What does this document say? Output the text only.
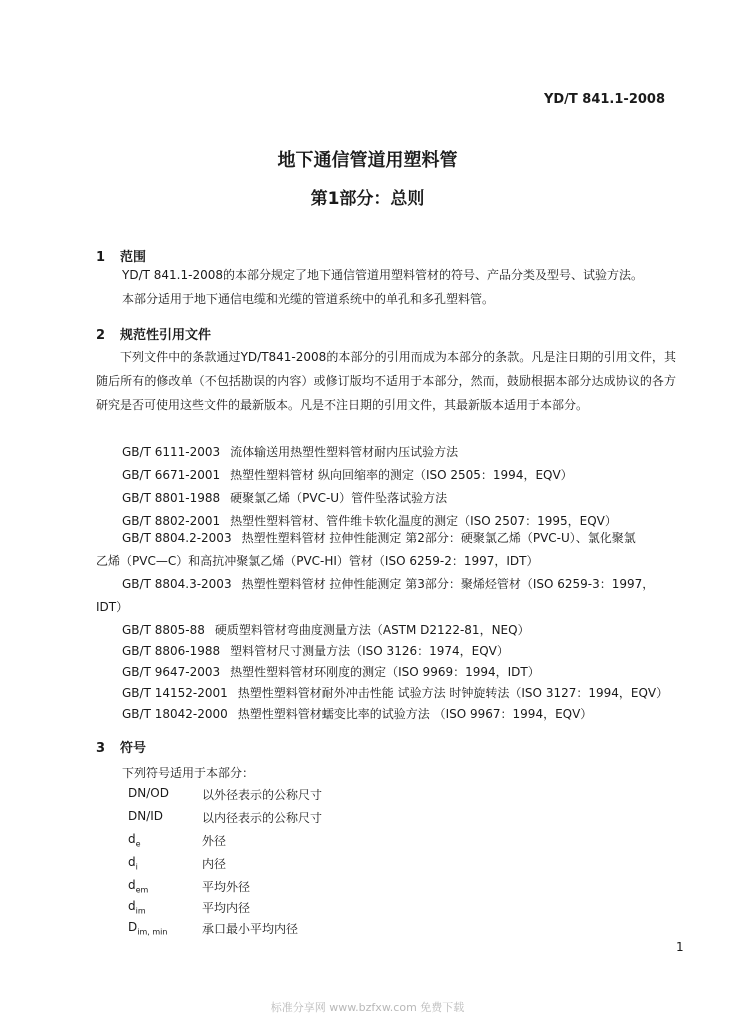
YD/T 841.1-2008
地下通信管道用塑料管
第1部分：总则
1 范围
YD/T 841.1-2008的本部分规定了地下通信管道用塑料管材的符号、产品分类及型号、试验方法。
本部分适用于地下通信电缆和光缆的管道系统中的单孔和多孔塑料管。
2 规范性引用文件
下列文件中的条款通过YD/T841-2008的本部分的引用而成为本部分的条款。凡是注日期的引用文件，其随后所有的修改单（不包括勘误的内容）或修订版均不适用于本部分，然而，鼓励根据本部分达成协议的各方研究是否可使用这些文件的最新版本。凡是不注日期的引用文件，其最新版本适用于本部分。
GB/T 6111-2003 流体输送用热塑性塑料管材耐内压试验方法
GB/T 6671-2001 热塑性塑料管材 纵向回缩率的测定（ISO 2505：1994，EQV）
GB/T 8801-1988 硬聚氯乙烯（PVC-U）管件坠落试验方法
GB/T 8802-2001 热塑性塑料管材、管件维卡软化温度的测定（ISO 2507：1995，EQV）
GB/T 8804.2-2003 热塑性塑料管材 拉伸性能测定 第2部分：硬聚氯乙烯（PVC-U）、氯化聚氯
乙烯（PVC—C）和高抗冲聚氯乙烯（PVC-HI）管材（ISO 6259-2：1997，IDT）
GB/T 8804.3-2003 热塑性塑料管材 拉伸性能测定 第3部分：聚烯烃管材（ISO 6259-3：1997，
IDT）
GB/T 8805-88 硬质塑料管材弯曲度测量方法（ASTM D2122-81，NEQ）
GB/T 8806-1988 塑料管材尺寸测量方法（ISO 3126：1974，EQV）
GB/T 9647-2003 热塑性塑料管材环刚度的测定（ISO 9969：1994，IDT）
GB/T 14152-2001 热塑性塑料管材耐外冲击性能 试验方法 时钟旋转法（ISO 3127：1994，EQV）
GB/T 18042-2000 热塑性塑料管材蠕变比率的试验方法 （ISO 9967：1994，EQV）
3 符号
下列符号适用于本部分：
DN/OD	以外径表示的公称尺寸
DN/ID	以内径表示的公称尺寸
$d_e$	外径
$d_i$	内径
$d_{em}$	平均外径
$d_{im}$	平均内径
$D_{im, min}$	承口最小平均内径
1
标准分享网 www.bzfxw.com 免费下载
